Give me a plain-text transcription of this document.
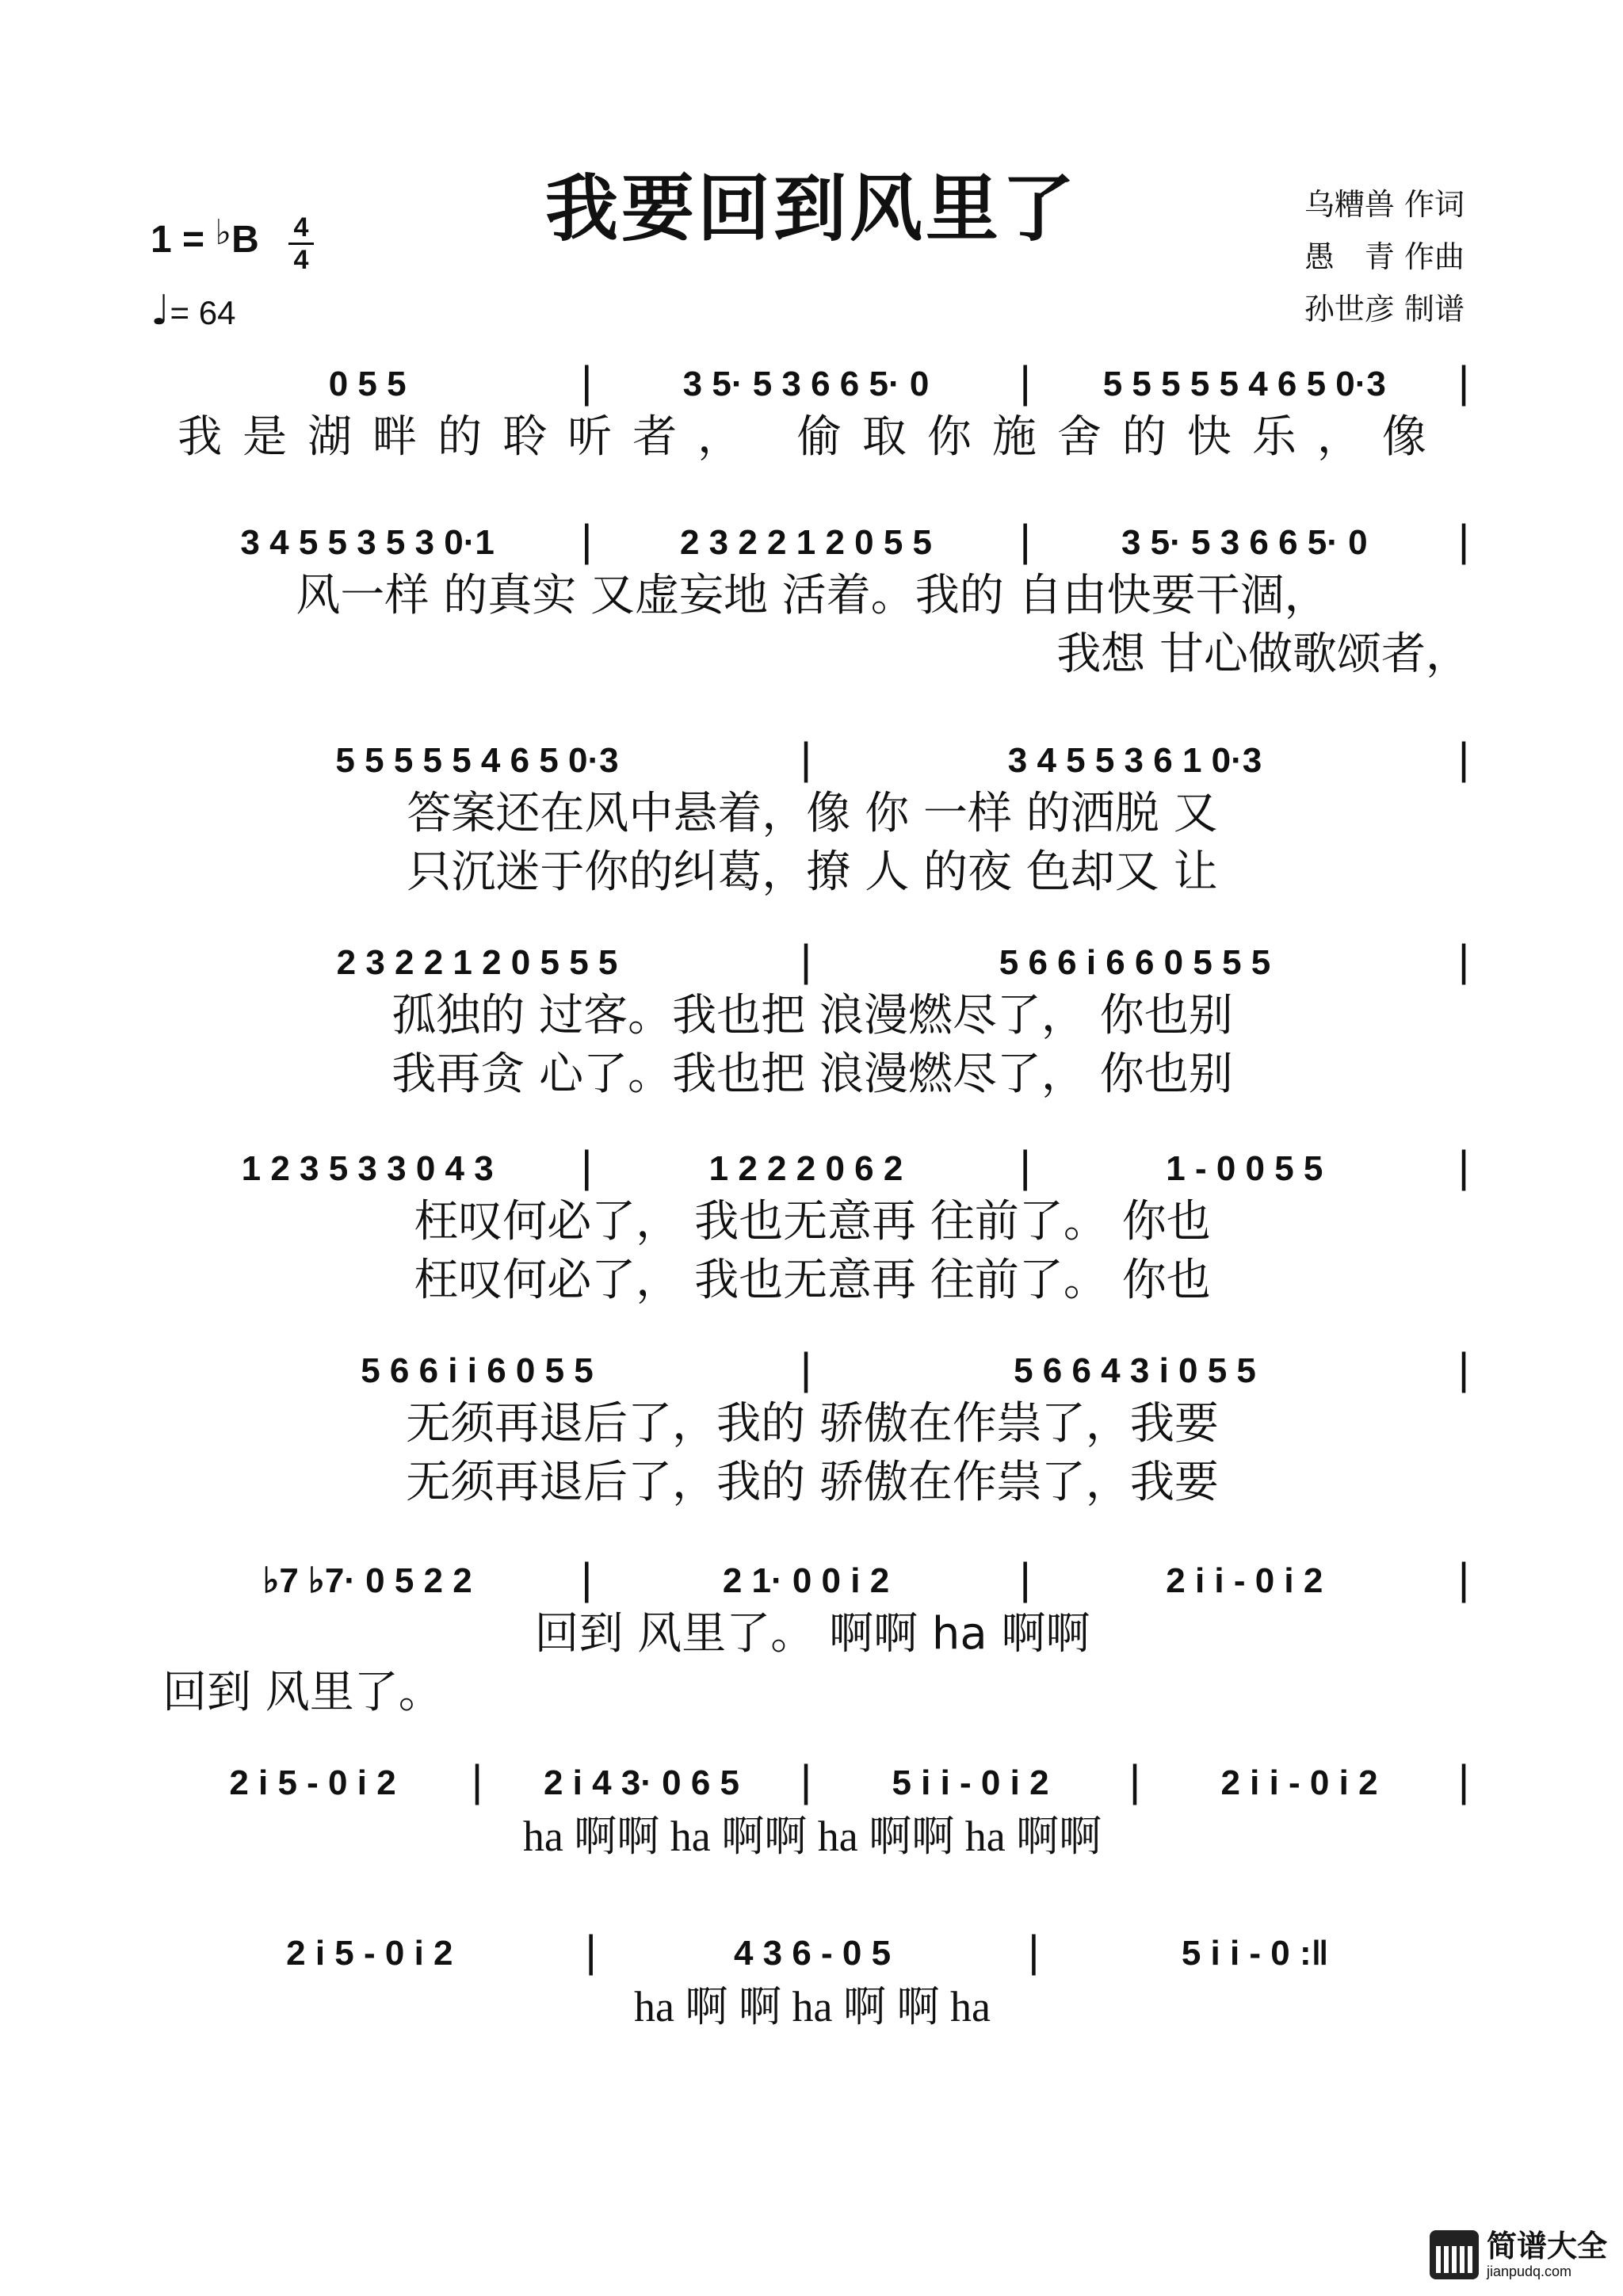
我要回到风里了	乌糟兽 作词
愚　青 作曲
孙世彦 制谱
1 = ♭B	4
4
♩= 64
0 5 5	|	3 5· 5 3 6 6 5· 0	|	5 5 5 5 5 4 6 5 0·3	|
我是湖畔的聆听者， 偷取你施舍的快乐，像
3 4 5 5 3 5 3 0·1	|	2 3 2 2 1 2 0 5 5	|	3 5· 5 3 6 6 5· 0	|
风一样 的真实 又虚妄地 活着。我的 自由快要干涸，
我想 甘心做歌颂者，
5 5 5 5 5 4 6 5 0·3	|	3 4 5 5 3 6 1 0·3	|
答案还在风中悬着，像 你 一样 的洒脱 又
只沉迷于你的纠葛，撩 人 的夜 色却又 让
2 3 2 2 1 2 0 5 5 5	|	5 6 6 i 6 6 0 5 5 5	|
孤独的 过客。我也把 浪漫燃尽了， 你也别
我再贪 心了。我也把 浪漫燃尽了， 你也别
1 2 3 5 3 3 0 4 3	|	1 2 2 2 0 6 2	|	1 - 0 0 5 5	|
枉叹何必了， 我也无意再 往前了。 你也
枉叹何必了， 我也无意再 往前了。 你也
5 6 6 i i 6 0 5 5	|	5 6 6 4 3 i 0 5 5	|
无须再退后了，我的 骄傲在作祟了，我要
无须再退后了，我的 骄傲在作祟了，我要
♭7 ♭7· 0 5 2 2	|	2 1· 0 0 i 2	|	2 i i - 0 i 2	|
回到 风里了。 啊啊 ha 啊啊
回到 风里了。
2 i 5 - 0 i 2	|	2 i 4 3· 0 6 5	|	5 i i - 0 i 2	|	2 i i - 0 i 2	|
ha 啊啊 ha 啊啊 ha 啊啊 ha 啊啊
2 i 5 - 0 i 2	|	4 3 6 - 0 5	|	5 i i - 0 :‖
ha 啊 啊 ha 啊 啊 ha
简谱大全
jianpudq.com
